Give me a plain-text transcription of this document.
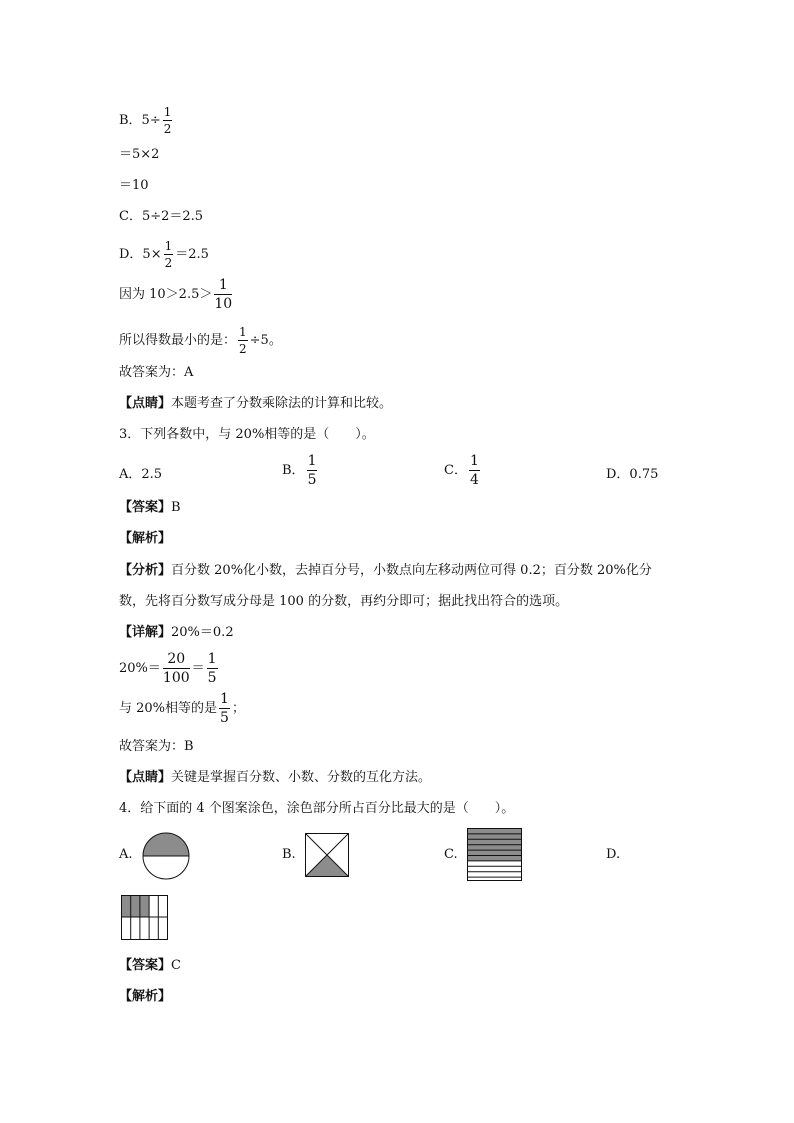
B．$5\div \frac{1}{2}$
＝5×2
＝10
C．5÷2＝2.5
D．$5\times \frac{1}{2} =2.5$
因为 $10>2.5> \frac{1}{10}$
所以得数最小的是： $\frac{1}{2} \div 5$。
故答案为：A
【点睛】本题考查了分数乘除法的计算和比较。
3．下列各数中，与 20%相等的是（　　）。
A．2.5	B． $\frac{1}{5}$	C． $\frac{1}{4}$	D．0.75
【答案】B
【解析】
【分析】百分数 20%化小数，去掉百分号，小数点向左移动两位可得 0.2；百分数 20%化分
数，先将百分数写成分母是 100 的分数，再约分即可；据此找出符合的选项。
【详解】20%＝0.2
$20\%= \frac{20}{100} = \frac{1}{5}$
与 20%相等的是 $\frac{1}{5}$ ；
故答案为：B
【点睛】关键是掌握百分数、小数、分数的互化方法。
4．给下面的 4 个图案涂色，涂色部分所占百分比最大的是（　　）。
A.	B.	C.	D.
【答案】C
【解析】
